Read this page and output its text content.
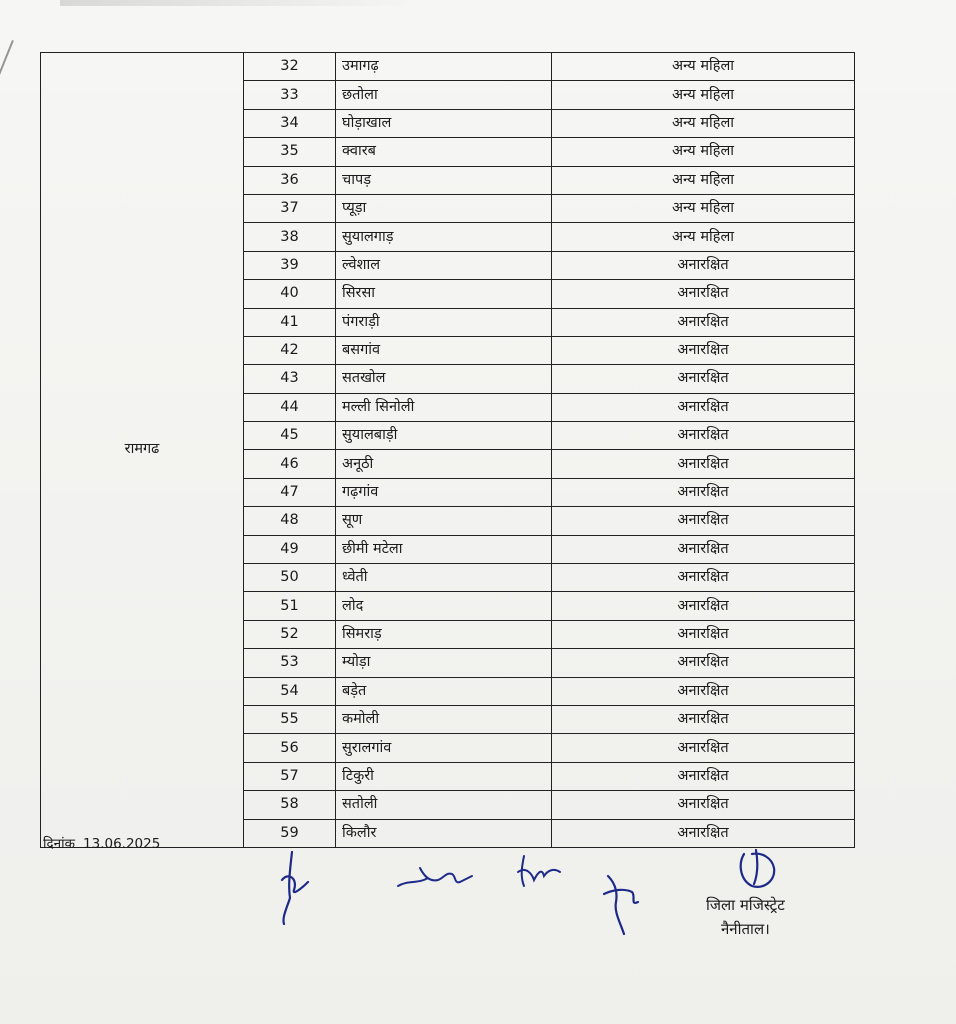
रामगढ	32	उमागढ़	अन्य महिला
	33	छतोला	अन्य महिला
	34	घोड़ाखाल	अन्य महिला
	35	क्वारब	अन्य महिला
	36	चापड़	अन्य महिला
	37	प्यूड़ा	अन्य महिला
	38	सुयालगाड़	अन्य महिला
	39	ल्वेशाल	अनारक्षित
	40	सिरसा	अनारक्षित
	41	पंगराड़ी	अनारक्षित
	42	बसगांव	अनारक्षित
	43	सतखोल	अनारक्षित
	44	मल्ली सिनोली	अनारक्षित
	45	सुयालबाड़ी	अनारक्षित
	46	अनूठी	अनारक्षित
	47	गढ़गांव	अनारक्षित
	48	सूण	अनारक्षित
	49	छीमी मटेला	अनारक्षित
	50	ध्वेती	अनारक्षित
	51	लोद	अनारक्षित
	52	सिमराड़	अनारक्षित
	53	म्योड़ा	अनारक्षित
	54	बड़ेत	अनारक्षित
	55	कमोली	अनारक्षित
	56	सुरालगांव	अनारक्षित
	57	टिकुरी	अनारक्षित
	58	सतोली	अनारक्षित
	59	किलौर	अनारक्षित
दिनांक 13.06.2025
जिला मजिस्ट्रेट
नैनीताल।
